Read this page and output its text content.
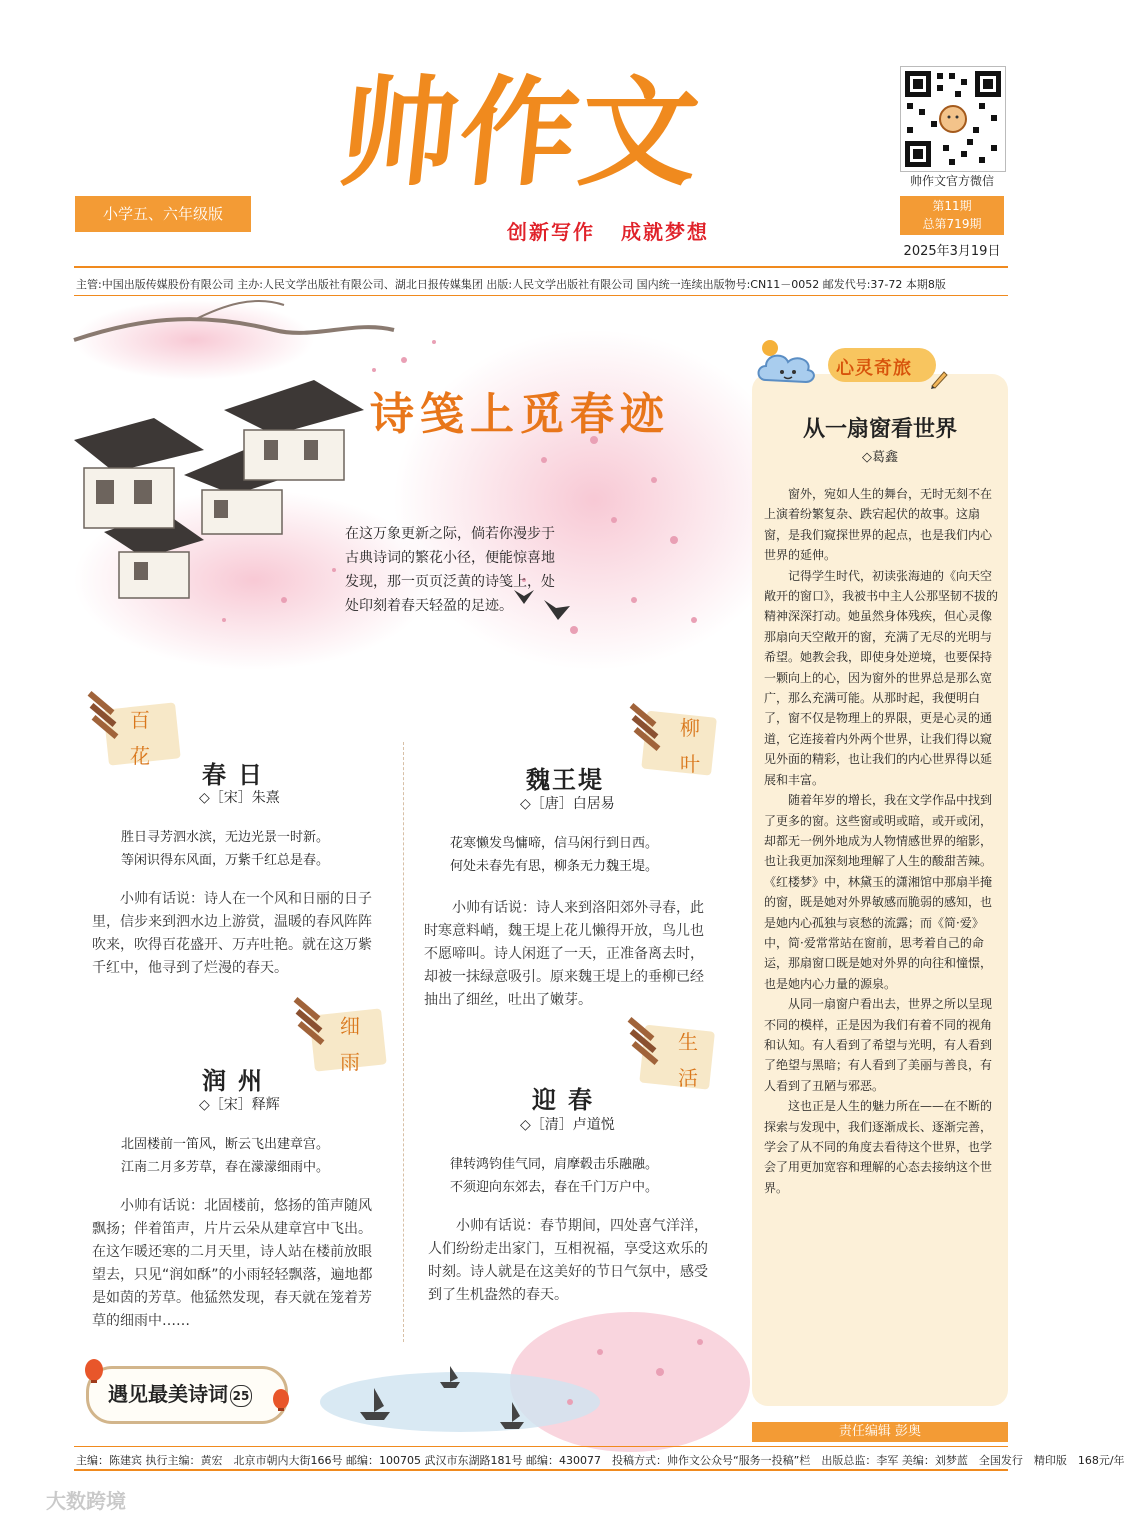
帅作文
小学五、六年级版
创新写作 成就梦想
帅作文官方微信
第11期
总第719期
2025年3月19日
主管:中国出版传媒股份有限公司 主办:人民文学出版社有限公司、湖北日报传媒集团 出版:人民文学出版社有限公司 国内统一连续出版物号:CN11－0052 邮发代号:37-72 本期8版
诗笺上觅春迹
在这万象更新之际，倘若你漫步于古典诗词的繁花小径，便能惊喜地发现，那一页页泛黄的诗笺上，处处印刻着春天轻盈的足迹。
百花
春日
◇［宋］朱熹
胜日寻芳泗水滨，无边光景一时新。
等闲识得东风面，万紫千红总是春。
小帅有话说：诗人在一个风和日丽的日子里，信步来到泗水边上游赏，温暖的春风阵阵吹来，吹得百花盛开、万卉吐艳。就在这万紫千红中，他寻到了烂漫的春天。
柳叶
魏王堤
◇［唐］白居易
花寒懒发鸟慵啼，信马闲行到日西。
何处未春先有思，柳条无力魏王堤。
小帅有话说：诗人来到洛阳郊外寻春，此时寒意料峭，魏王堤上花儿懒得开放，鸟儿也不愿啼叫。诗人闲逛了一天，正准备离去时，却被一抹绿意吸引。原来魏王堤上的垂柳已经抽出了细丝，吐出了嫩芽。
细雨
润州
◇［宋］释辉
北固楼前一笛风，断云飞出建章宫。
江南二月多芳草，春在濛濛细雨中。
小帅有话说：北固楼前，悠扬的笛声随风飘扬；伴着笛声，片片云朵从建章宫中飞出。在这乍暖还寒的二月天里，诗人站在楼前放眼望去，只见“润如酥”的小雨轻轻飘落，遍地都是如茵的芳草。他猛然发现，春天就在笼着芳草的细雨中……
生活
迎春
◇［清］卢道悦
律转鸿钧佳气同，肩摩毂击乐融融。
不须迎向东郊去，春在千门万户中。
小帅有话说：春节期间，四处喜气洋洋，人们纷纷走出家门，互相祝福，享受这欢乐的时刻。诗人就是在这美好的节日气氛中，感受到了生机盎然的春天。
遇见最美诗词 25
心灵奇旅
从一扇窗看世界
◇葛鑫

窗外，宛如人生的舞台，无时无刻不在上演着纷繁复杂、跌宕起伏的故事。这扇窗，是我们窥探世界的起点，也是我们内心世界的延伸。

记得学生时代，初读张海迪的《向天空敞开的窗口》，我被书中主人公那坚韧不拔的精神深深打动。她虽然身体残疾，但心灵像那扇向天空敞开的窗，充满了无尽的光明与希望。她教会我，即使身处逆境，也要保持一颗向上的心，因为窗外的世界总是那么宽广，那么充满可能。从那时起，我便明白了，窗不仅是物理上的界限，更是心灵的通道，它连接着内外两个世界，让我们得以窥见外面的精彩，也让我们的内心世界得以延展和丰富。

随着年岁的增长，我在文学作品中找到了更多的窗。这些窗或明或暗，或开或闭，却都无一例外地成为人物情感世界的缩影，也让我更加深刻地理解了人生的酸甜苦辣。《红楼梦》中，林黛玉的潇湘馆中那扇半掩的窗，既是她对外界敏感而脆弱的感知，也是她内心孤独与哀愁的流露；而《简·爱》中，简·爱常常站在窗前，思考着自己的命运，那扇窗口既是她对外界的向往和憧憬，也是她内心力量的源泉。

从同一扇窗户看出去，世界之所以呈现不同的模样，正是因为我们有着不同的视角和认知。有人看到了希望与光明，有人看到了绝望与黑暗；有人看到了美丽与善良，有人看到了丑陋与邪恶。

这也正是人生的魅力所在——在不断的探索与发现中，我们逐渐成长、逐渐完善，学会了从不同的角度去看待这个世界，也学会了用更加宽容和理解的心态去接纳这个世界。

责任编辑 彭奥
主编：陈建宾 执行主编：黄宏　北京市朝内大街166号 邮编：100705 武汉市东湖路181号 邮编：430077　投稿方式：帅作文公众号“服务一投稿”栏　出版总监：李军 美编：刘梦蓝　全国发行　精印版　168元/年
大数跨境
